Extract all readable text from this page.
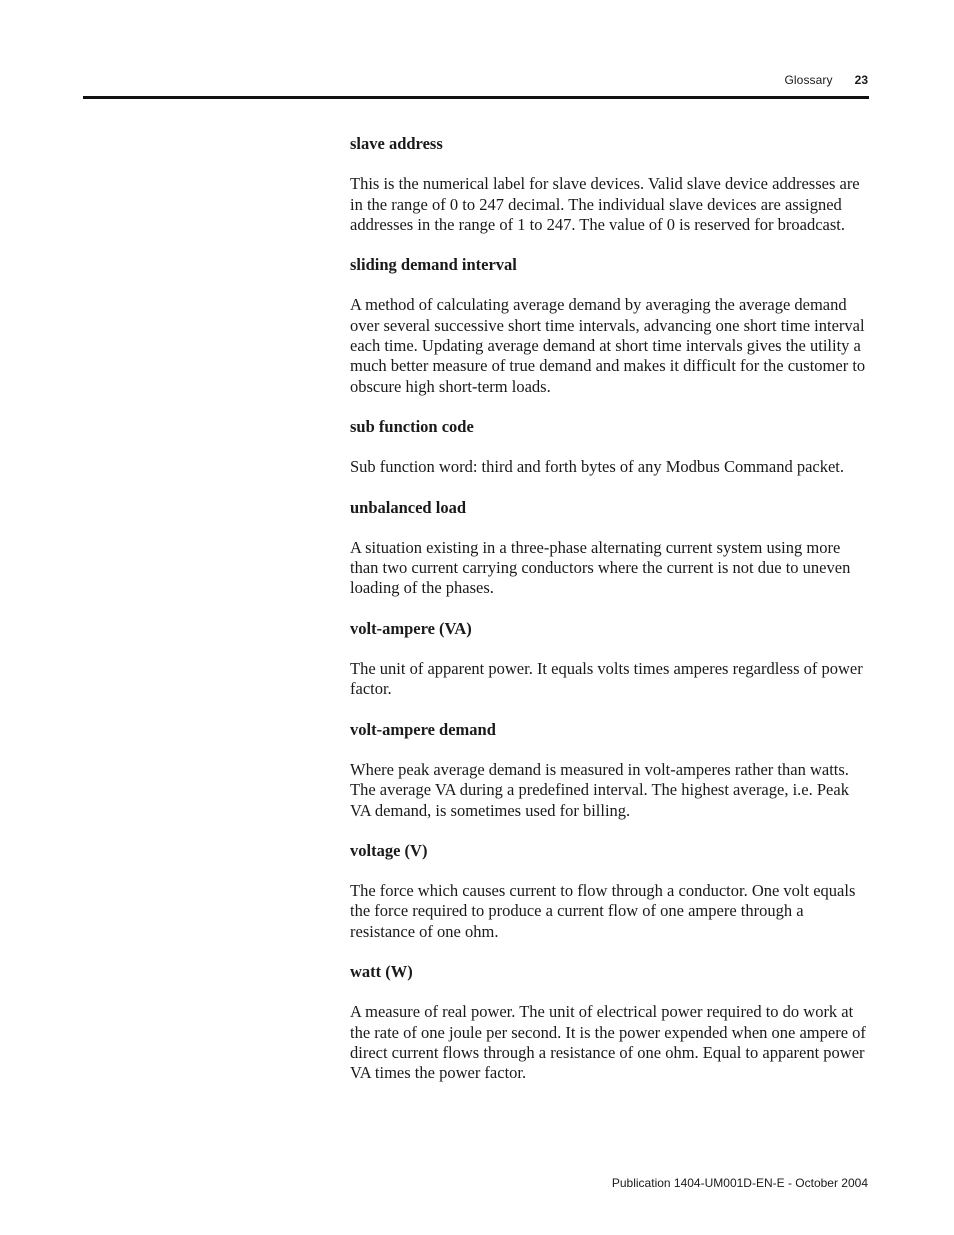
Glossary 23
slave address
This is the numerical label for slave devices. Valid slave device addresses are in the range of 0 to 247 decimal. The individual slave devices are assigned addresses in the range of 1 to 247. The value of 0 is reserved for broadcast.
sliding demand interval
A method of calculating average demand by averaging the average demand over several successive short time intervals, advancing one short time interval each time. Updating average demand at short time intervals gives the utility a much better measure of true demand and makes it difficult for the customer to obscure high short-term loads.
sub function code
Sub function word: third and forth bytes of any Modbus Command packet.
unbalanced load
A situation existing in a three-phase alternating current system using more than two current carrying conductors where the current is not due to uneven loading of the phases.
volt-ampere (VA)
The unit of apparent power. It equals volts times amperes regardless of power factor.
volt-ampere demand
Where peak average demand is measured in volt-amperes rather than watts. The average VA during a predefined interval. The highest average, i.e. Peak VA demand, is sometimes used for billing.
voltage (V)
The force which causes current to flow through a conductor. One volt equals the force required to produce a current flow of one ampere through a resistance of one ohm.
watt (W)
A measure of real power. The unit of electrical power required to do work at the rate of one joule per second. It is the power expended when one ampere of direct current flows through a resistance of one ohm. Equal to apparent power VA times the power factor.
Publication 1404-UM001D-EN-E - October 2004
